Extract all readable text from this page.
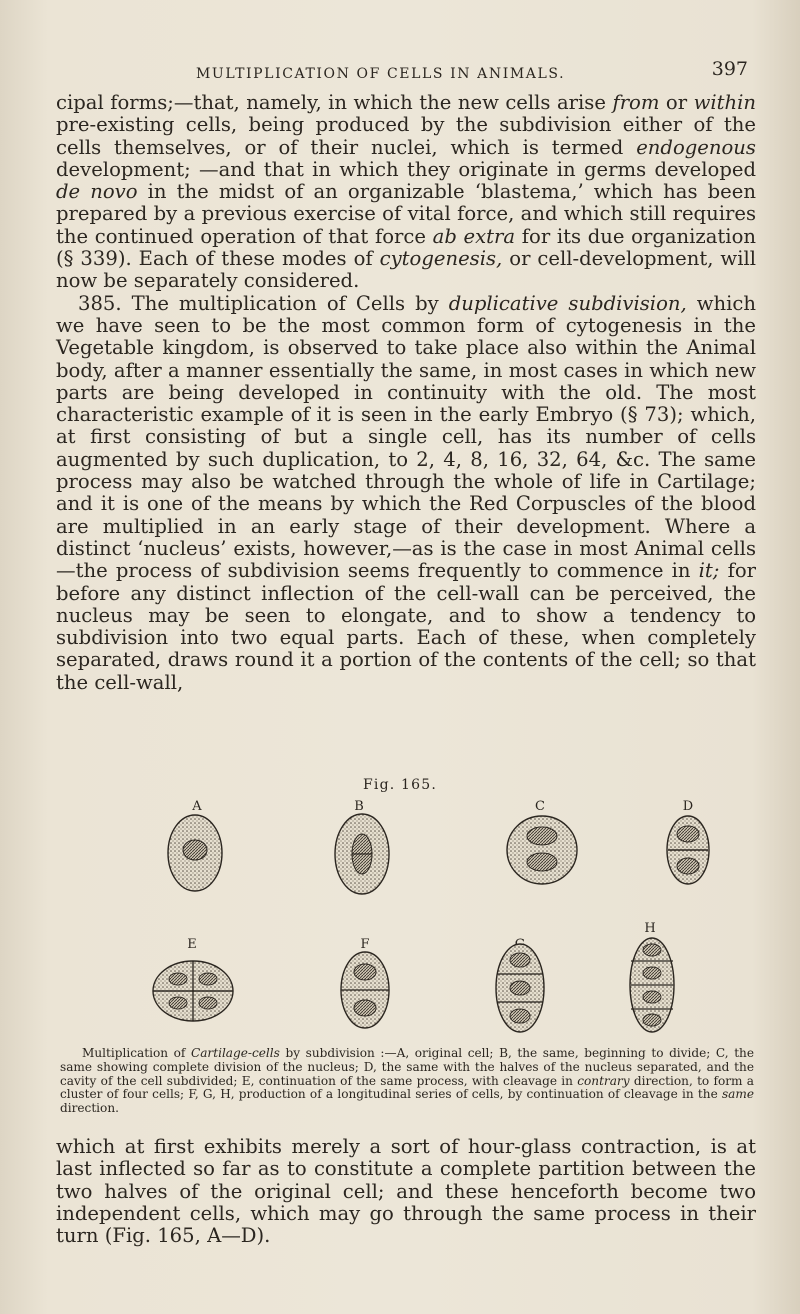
MULTIPLICATION OF CELLS IN ANIMALS.	397

cipal forms;—that, namely, in which the new cells arise from or within pre-existing cells, being produced by the subdivision either of the cells themselves, or of their nuclei, which is termed endogenous development; —and that in which they originate in germs developed de novo in the midst of an organizable ‘blastema,’ which has been prepared by a previous exercise of vital force, and which still requires the continued operation of that force ab extra for its due organization (§ 339). Each of these modes of cytogenesis, or cell-development, will now be separately considered.

385. The multiplication of Cells by duplicative subdivision, which we have seen to be the most common form of cytogenesis in the Vegetable kingdom, is observed to take place also within the Animal body, after a manner essentially the same, in most cases in which new parts are being developed in continuity with the old. The most characteristic example of it is seen in the early Embryo (§ 73); which, at first consisting of but a single cell, has its number of cells augmented by such duplication, to 2, 4, 8, 16, 32, 64, &c. The same process may also be watched through the whole of life in Cartilage; and it is one of the means by which the Red Corpuscles of the blood are multiplied in an early stage of their development. Where a distinct ‘nucleus’ exists, however,—as is the case in most Animal cells—the process of subdivision seems frequently to commence in it; for before any distinct inflection of the cell-wall can be perceived, the nucleus may be seen to elongate, and to show a tendency to subdivision into two equal parts. Each of these, when completely separated, draws round it a portion of the contents of the cell; so that the cell-wall,

Fig. 165.
A	B	C	D
E	F
H

Multiplication of Cartilage-cells by subdivision :—A, original cell; B, the same, beginning to divide; C, the same showing complete division of the nucleus; D, the same with the halves of the nucleus separated, and the cavity of the cell subdivided; E, continuation of the same process, with cleavage in contrary direction, to form a cluster of four cells; F, G, H, production of a longitudinal series of cells, by continuation of cleavage in the same direction.

which at first exhibits merely a sort of hour-glass contraction, is at last inflected so far as to constitute a complete partition between the two halves of the original cell; and these henceforth become two independent cells, which may go through the same process in their turn (Fig. 165, A—D).
